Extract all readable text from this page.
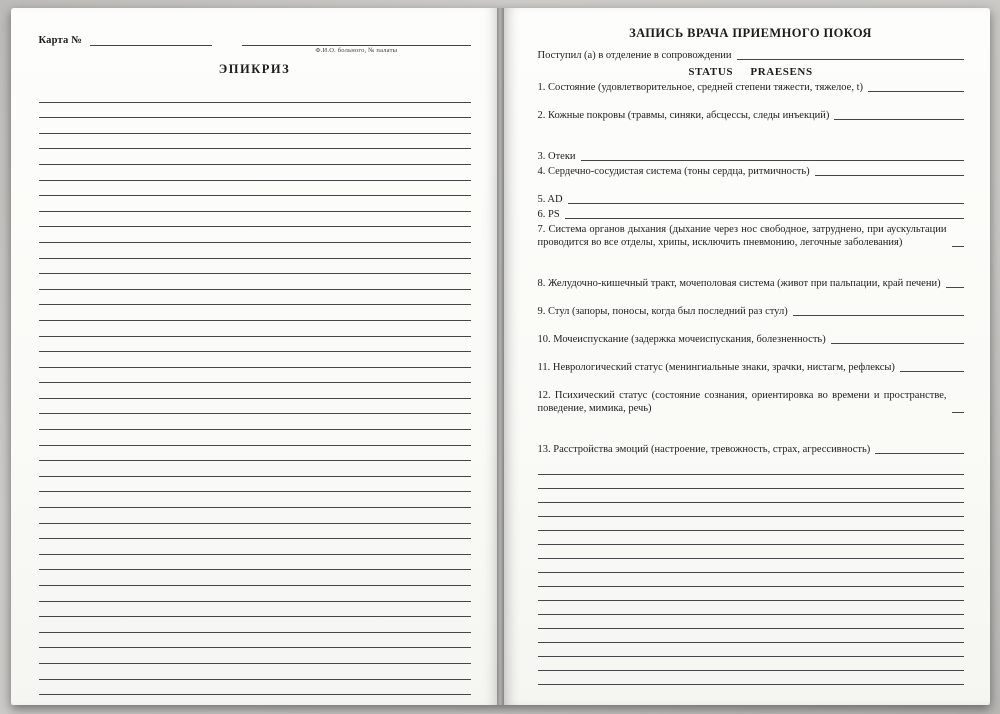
Карта №
Ф.И.О. больного, № палаты
ЭПИКРИЗ
ЗАПИСЬ ВРАЧА ПРИЕМНОГО ПОКОЯ
Поступил (а) в отделение в сопровождении
STATUS PRAESENS
1. Состояние (удовлетворительное, средней степени тяжести, тяжелое, t)
2. Кожные покровы (травмы, синяки, абсцессы, следы инъекций)
3. Отеки
4. Сердечно-сосудистая система (тоны сердца, ритмичность)
5. AD
6. PS
7. Система органов дыхания (дыхание через нос свободное, затруднено, при аускультации проводится во все отделы, хрипы, исключить пневмонию, легочные заболевания)
8. Желудочно-кишечный тракт, мочеполовая система (живот при пальпации, край печени)
9. Стул (запоры, поносы, когда был последний раз стул)
10. Мочеиспускание (задержка мочеиспускания, болезненность)
11. Неврологический статус (менингиальные знаки, зрачки, нистагм, рефлексы)
12. Психический статус (состояние сознания, ориентировка во времени и пространстве, поведение, мимика, речь)
13. Расстройства эмоций (настроение, тревожность, страх, агрессивность)
